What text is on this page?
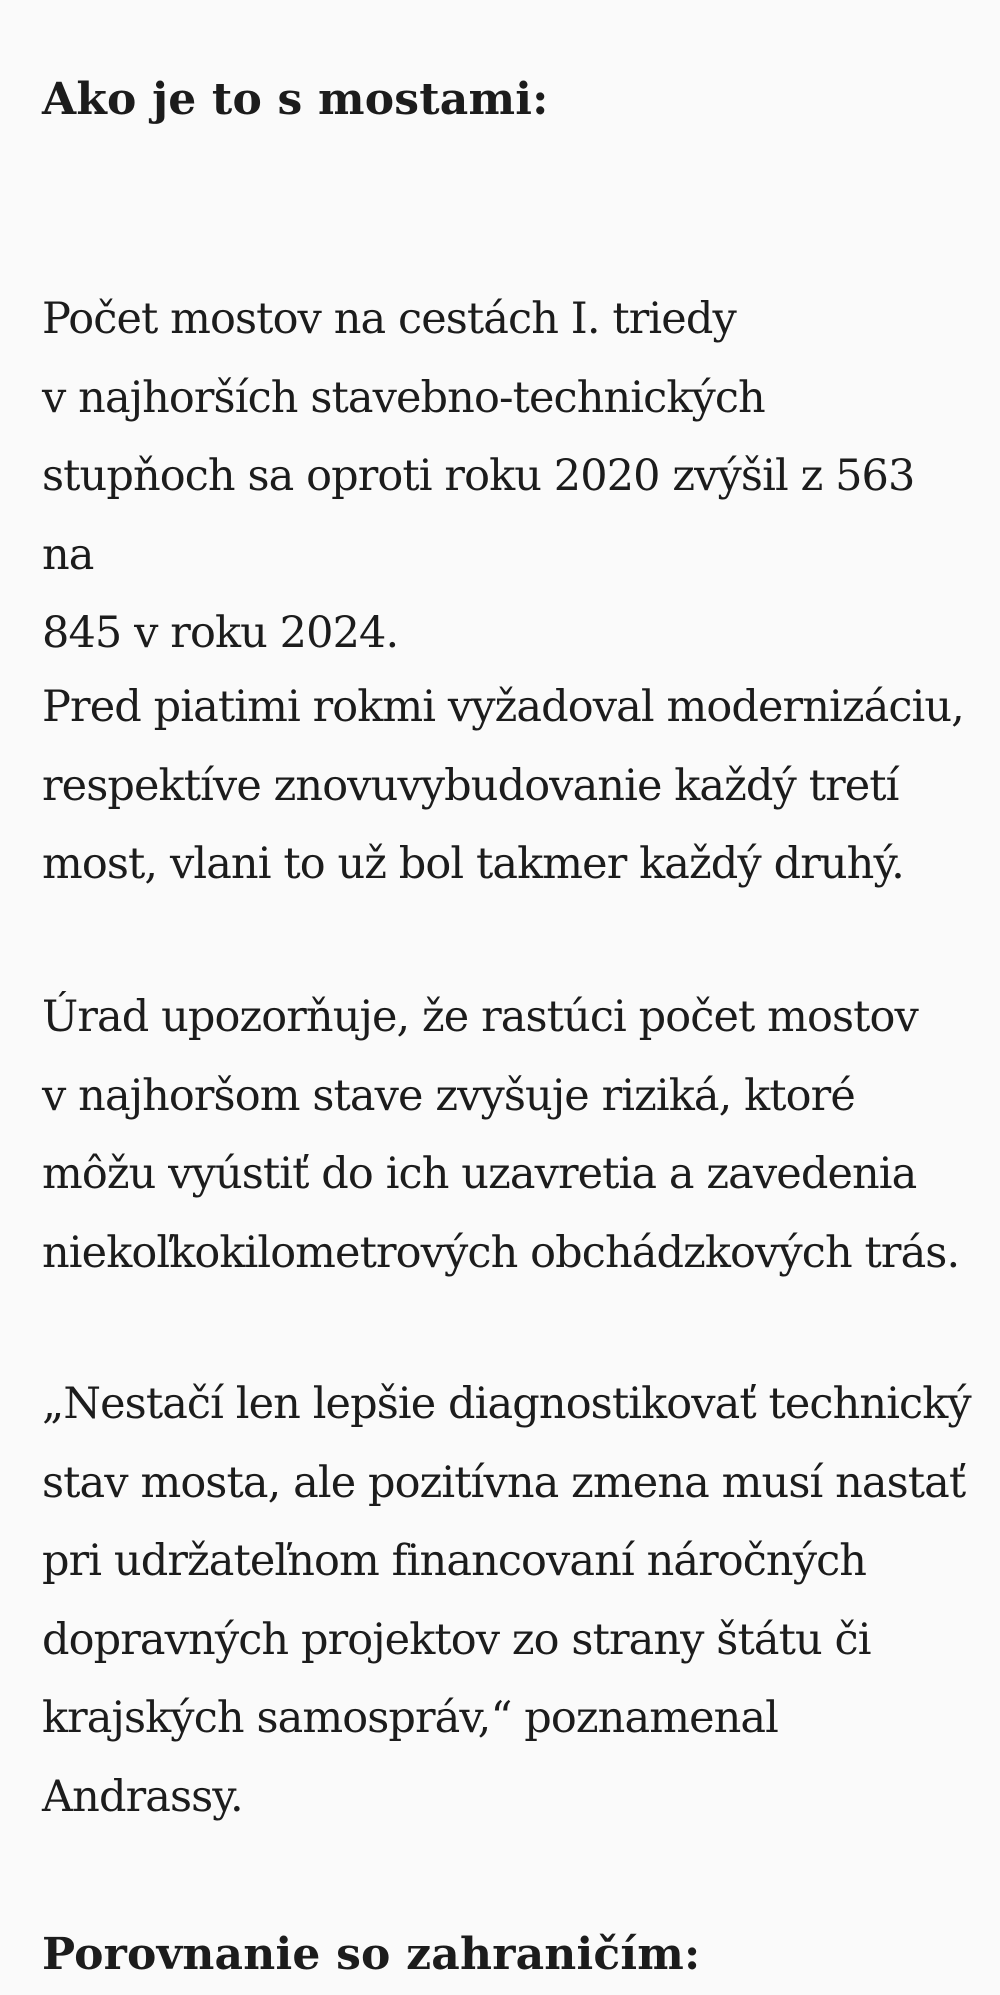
Ako je to s mostami:

Počet mostov na cestách I. triedy
v najhorších stavebno-technických
stupňoch sa oproti roku 2020 zvýšil z 563 na
845 v roku 2024.

Pred piatimi rokmi vyžadoval modernizáciu,
respektíve znovuvybudovanie každý tretí
most, vlani to už bol takmer každý druhý.

Úrad upozorňuje, že rastúci počet mostov
v najhoršom stave zvyšuje riziká, ktoré
môžu vyústiť do ich uzavretia a zavedenia
niekoľkokilometrových obchádzkových trás.

„Nestačí len lepšie diagnostikovať technický
stav mosta, ale pozitívna zmena musí nastať
pri udržateľnom financovaní náročných
dopravných projektov zo strany štátu či
krajských samospráv,“ poznamenal
Andrassy.

Porovnanie so zahraničím:
